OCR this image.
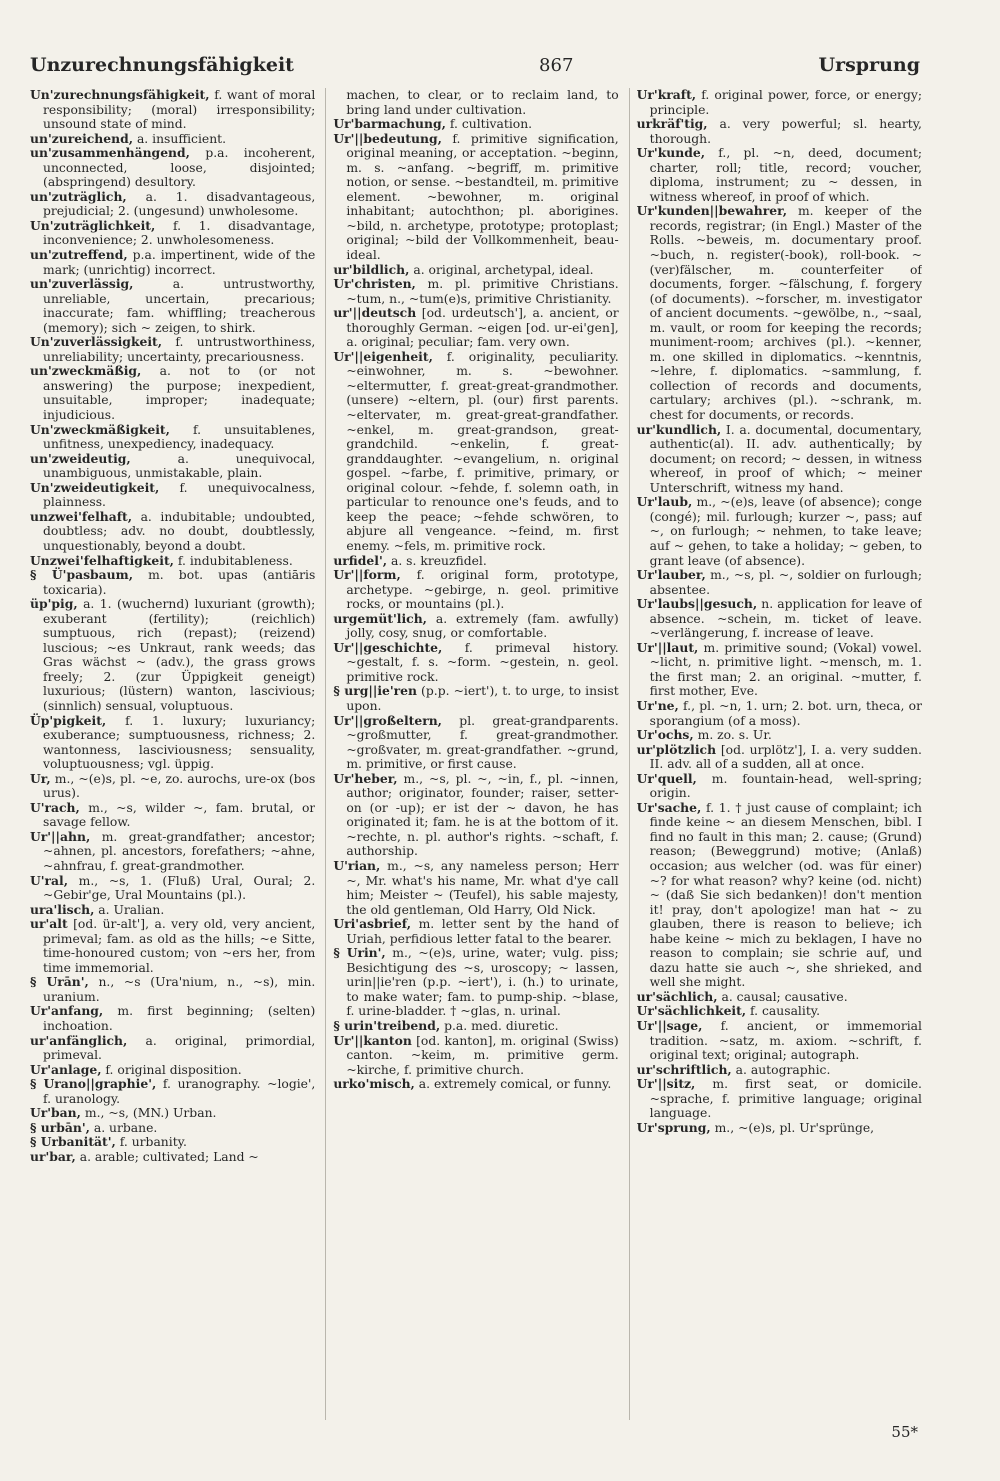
Unzurechnungsfähigkeit	867	Ursprung

Un'zurechnungsfähigkeit, f. want of moral responsibility; (moral) irresponsibility; unsound state of mind.

un'zureichend, a. insufficient.

un'zusammenhängend, p.a. incoherent, unconnected, loose, disjointed; (abspringend) desultory.

un'zuträglich, a. 1. disadvantageous, prejudicial; 2. (ungesund) unwholesome.

Un'zuträglichkeit, f. 1. disadvantage, inconvenience; 2. unwholesomeness.

un'zutreffend, p.a. impertinent, wide of the mark; (unrichtig) incorrect.

un'zuverlässig, a. untrustworthy, unreliable, uncertain, precarious; inaccurate; fam. whiffling; treacherous (memory); sich ~ zeigen, to shirk.

Un'zuverlässigkeit, f. untrustworthiness, unreliability; uncertainty, precariousness.

un'zweckmäßig, a. not to (or not answering) the purpose; inexpedient, unsuitable, improper; inadequate; injudicious.

Un'zweckmäßigkeit, f. unsuitablenes, unfitness, unexpediency, inadequacy.

un'zweideutig, a. unequivocal, unambiguous, unmistakable, plain.

Un'zweideutigkeit, f. unequivocalness, plainness.

unzwei'felhaft, a. indubitable; undoubted, doubtless; adv. no doubt, doubtlessly, unquestionably, beyond a doubt.

Unzwei'felhaftigkeit, f. indubitableness.

§ Ü'pasbaum, m. bot. upas (antiāris toxicaria).

üp'pig, a. 1. (wuchernd) luxuriant (growth); exuberant (fertility); (reichlich) sumptuous, rich (repast); (reizend) luscious; ~es Unkraut, rank weeds; das Gras wächst ~ (adv.), the grass grows freely; 2. (zur Üppigkeit geneigt) luxurious; (lüstern) wanton, lascivious; (sinnlich) sensual, voluptuous.

Üp'pigkeit, f. 1. luxury; luxuriancy; exuberance; sumptuousness, richness; 2. wantonness, lasciviousness; sensuality, voluptuousness; vgl. üppig.

Ur, m., ~(e)s, pl. ~e, zo. aurochs, ure-ox (bos urus).

U'rach, m., ~s, wilder ~, fam. brutal, or savage fellow.

Ur'||ahn, m. great-grandfather; ancestor; ~ahnen, pl. ancestors, forefathers; ~ahne, ~ahnfrau, f. great-grandmother.

U'ral, m., ~s, 1. (Fluß) Ural, Oural; 2. ~Gebir'ge, Ural Mountains (pl.).

ura'lisch, a. Uralian.

ur'alt [od. ür-alt'], a. very old, very ancient, primeval; fam. as old as the hills; ~e Sitte, time-honoured custom; von ~ers her, from time immemorial.

§ Urān', n., ~s (Ura'nium, n., ~s), min. uranium.

Ur'anfang, m. first beginning; (selten) inchoation.

ur'anfänglich, a. original, primordial, primeval.

Ur'anlage, f. original disposition.

§ Urano||graphie', f. uranography. ~logie', f. uranology.

Ur'ban, m., ~s, (MN.) Urban.

§ urbān', a. urbane.

§ Urbanität', f. urbanity.

ur'bar, a. arable; cultivated; Land ~

machen, to clear, or to reclaim land, to bring land under cultivation.

Ur'barmachung, f. cultivation.

Ur'||bedeutung, f. primitive signification, original meaning, or acceptation. ~beginn, m. s. ~anfang. ~begriff, m. primitive notion, or sense. ~bestandteil, m. primitive element. ~bewohner, m. original inhabitant; autochthon; pl. aborigines. ~bild, n. archetype, prototype; protoplast; original; ~bild der Vollkommenheit, beau-ideal.

ur'bildlich, a. original, archetypal, ideal.

Ur'christen, m. pl. primitive Christians. ~tum, n., ~tum(e)s, primitive Christianity.

ur'||deutsch [od. urdeutsch'], a. ancient, or thoroughly German. ~eigen [od. ur-ei'gen], a. original; peculiar; fam. very own.

Ur'||eigenheit, f. originality, peculiarity. ~einwohner, m. s. ~bewohner. ~eltermutter, f. great-great-grandmother. (unsere) ~eltern, pl. (our) first parents. ~eltervater, m. great-great-grandfather. ~enkel, m. great-grandson, great-grandchild. ~enkelin, f. great-granddaughter. ~evangelium, n. original gospel. ~farbe, f. primitive, primary, or original colour. ~fehde, f. solemn oath, in particular to renounce one's feuds, and to keep the peace; ~fehde schwören, to abjure all vengeance. ~feind, m. first enemy. ~fels, m. primitive rock.

urfidel', a. s. kreuzfidel.

Ur'||form, f. original form, prototype, archetype. ~gebirge, n. geol. primitive rocks, or mountains (pl.).

urgemüt'lich, a. extremely (fam. awfully) jolly, cosy, snug, or comfortable.

Ur'||geschichte, f. primeval history. ~gestalt, f. s. ~form. ~gestein, n. geol. primitive rock.

§ urg||ie'ren (p.p. ~iert'), t. to urge, to insist upon.

Ur'||großeltern, pl. great-grandparents. ~großmutter, f. great-grandmother. ~großvater, m. great-grandfather. ~grund, m. primitive, or first cause.

Ur'heber, m., ~s, pl. ~, ~in, f., pl. ~innen, author; originator, founder; raiser, setter-on (or -up); er ist der ~ davon, he has originated it; fam. he is at the bottom of it. ~rechte, n. pl. author's rights. ~schaft, f. authorship.

U'rian, m., ~s, any nameless person; Herr ~, Mr. what's his name, Mr. what d'ye call him; Meister ~ (Teufel), his sable majesty, the old gentleman, Old Harry, Old Nick.

Uri'asbrief, m. letter sent by the hand of Uriah, perfidious letter fatal to the bearer.

§ Urin', m., ~(e)s, urine, water; vulg. piss; Besichtigung des ~s, uroscopy; ~ lassen, urin||ie'ren (p.p. ~iert'), i. (h.) to urinate, to make water; fam. to pump-ship. ~blase, f. urine-bladder. † ~glas, n. urinal.

§ urin'treibend, p.a. med. diuretic.

Ur'||kanton [od. kanton], m. original (Swiss) canton. ~keim, m. primitive germ. ~kirche, f. primitive church.

urko'misch, a. extremely comical, or funny.

Ur'kraft, f. original power, force, or energy; principle.

urkräf'tig, a. very powerful; sl. hearty, thorough.

Ur'kunde, f., pl. ~n, deed, document; charter, roll; title, record; voucher, diploma, instrument; zu ~ dessen, in witness whereof, in proof of which.

Ur'kunden||bewahrer, m. keeper of the records, registrar; (in Engl.) Master of the Rolls. ~beweis, m. documentary proof. ~buch, n. register(-book), roll-book. ~(ver)fälscher, m. counterfeiter of documents, forger. ~fälschung, f. forgery (of documents). ~forscher, m. investigator of ancient documents. ~gewölbe, n., ~saal, m. vault, or room for keeping the records; muniment-room; archives (pl.). ~kenner, m. one skilled in diplomatics. ~kenntnis, ~lehre, f. diplomatics. ~sammlung, f. collection of records and documents, cartulary; archives (pl.). ~schrank, m. chest for documents, or records.

ur'kundlich, I. a. documental, documentary, authentic(al). II. adv. authentically; by document; on record; ~ dessen, in witness whereof, in proof of which; ~ meiner Unterschrift, witness my hand.

Ur'laub, m., ~(e)s, leave (of absence); conge (congé); mil. furlough; kurzer ~, pass; auf ~, on furlough; ~ nehmen, to take leave; auf ~ gehen, to take a holiday; ~ geben, to grant leave (of absence).

Ur'lauber, m., ~s, pl. ~, soldier on furlough; absentee.

Ur'laubs||gesuch, n. application for leave of absence. ~schein, m. ticket of leave. ~verlängerung, f. increase of leave.

Ur'||laut, m. primitive sound; (Vokal) vowel. ~licht, n. primitive light. ~mensch, m. 1. the first man; 2. an original. ~mutter, f. first mother, Eve.

Ur'ne, f., pl. ~n, 1. urn; 2. bot. urn, theca, or sporangium (of a moss).

Ur'ochs, m. zo. s. Ur.

ur'plötzlich [od. urplötz'], I. a. very sudden. II. adv. all of a sudden, all at once.

Ur'quell, m. fountain-head, well-spring; origin.

Ur'sache, f. 1. † just cause of complaint; ich finde keine ~ an diesem Menschen, bibl. I find no fault in this man; 2. cause; (Grund) reason; (Beweggrund) motive; (Anlaß) occasion; aus welcher (od. was für einer) ~? for what reason? why? keine (od. nicht) ~ (daß Sie sich bedanken)! don't mention it! pray, don't apologize! man hat ~ zu glauben, there is reason to believe; ich habe keine ~ mich zu beklagen, I have no reason to complain; sie schrie auf, und dazu hatte sie auch ~, she shrieked, and well she might.

ur'sächlich, a. causal; causative.

Ur'sächlichkeit, f. causality.

Ur'||sage, f. ancient, or immemorial tradition. ~satz, m. axiom. ~schrift, f. original text; original; autograph.

ur'schriftlich, a. autographic.

Ur'||sitz, m. first seat, or domicile. ~sprache, f. primitive language; original language.

Ur'sprung, m., ~(e)s, pl. Ur'sprünge,

55*
